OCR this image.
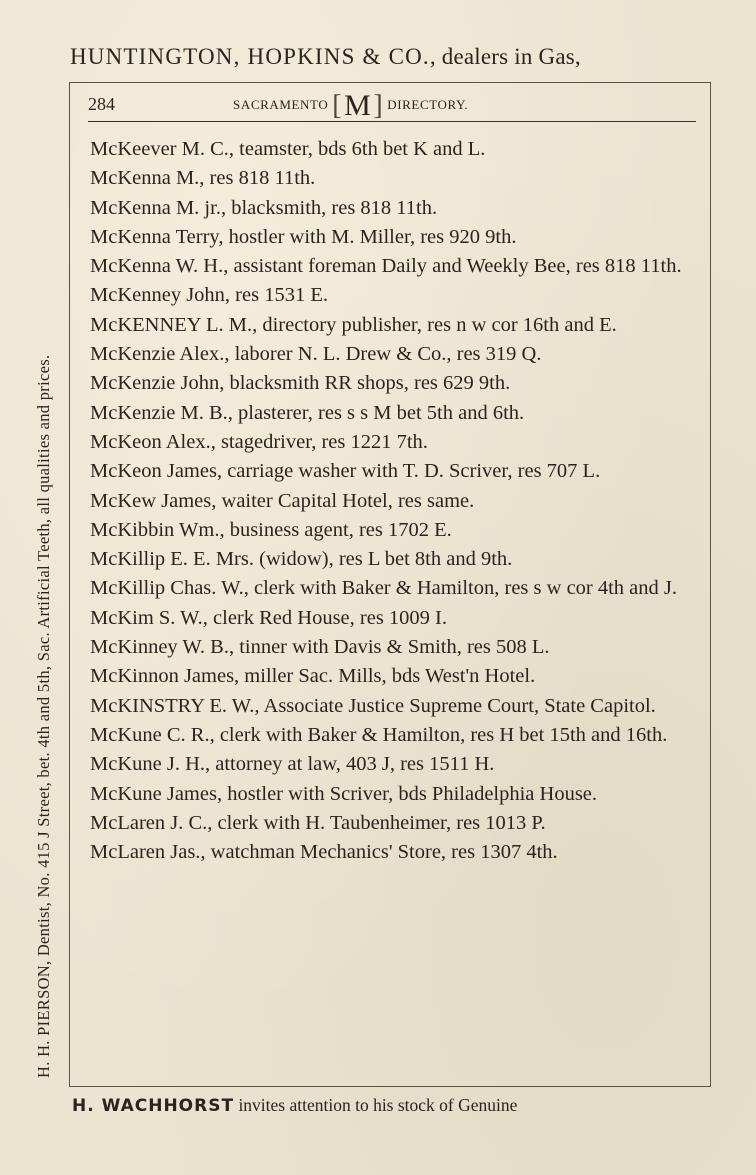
HUNTINGTON, HOPKINS & CO., dealers in Gas,
H. H. PIERSON, Dentist, No. 415 J Street, bet. 4th and 5th, Sac. Artificial Teeth, all qualities and prices.
284	SACRAMENTO [M] DIRECTORY.
McKeever M. C., teamster, bds 6th bet K and L.
McKenna M., res 818 11th.
McKenna M. jr., blacksmith, res 818 11th.
McKenna Terry, hostler with M. Miller, res 920 9th.
McKenna W. H., assistant foreman Daily and Weekly Bee, res 818 11th.
McKenney John, res 1531 E.
McKENNEY L. M., directory publisher, res n w cor 16th and E.
McKenzie Alex., laborer N. L. Drew & Co., res 319 Q.
McKenzie John, blacksmith RR shops, res 629 9th.
McKenzie M. B., plasterer, res s s M bet 5th and 6th.
McKeon Alex., stagedriver, res 1221 7th.
McKeon James, carriage washer with T. D. Scriver, res 707 L.
McKew James, waiter Capital Hotel, res same.
McKibbin Wm., business agent, res 1702 E.
McKillip E. E. Mrs. (widow), res L bet 8th and 9th.
McKillip Chas. W., clerk with Baker & Hamilton, res s w cor 4th and J.
McKim S. W., clerk Red House, res 1009 I.
McKinney W. B., tinner with Davis & Smith, res 508 L.
McKinnon James, miller Sac. Mills, bds West'n Hotel.
McKINSTRY E. W., Associate Justice Supreme Court, State Capitol.
McKune C. R., clerk with Baker & Hamilton, res H bet 15th and 16th.
McKune J. H., attorney at law, 403 J, res 1511 H.
McKune James, hostler with Scriver, bds Philadelphia House.
McLaren J. C., clerk with H. Taubenheimer, res 1013 P.
McLaren Jas., watchman Mechanics' Store, res 1307 4th.
H. WACHHORST invites attention to his stock of Genuine
